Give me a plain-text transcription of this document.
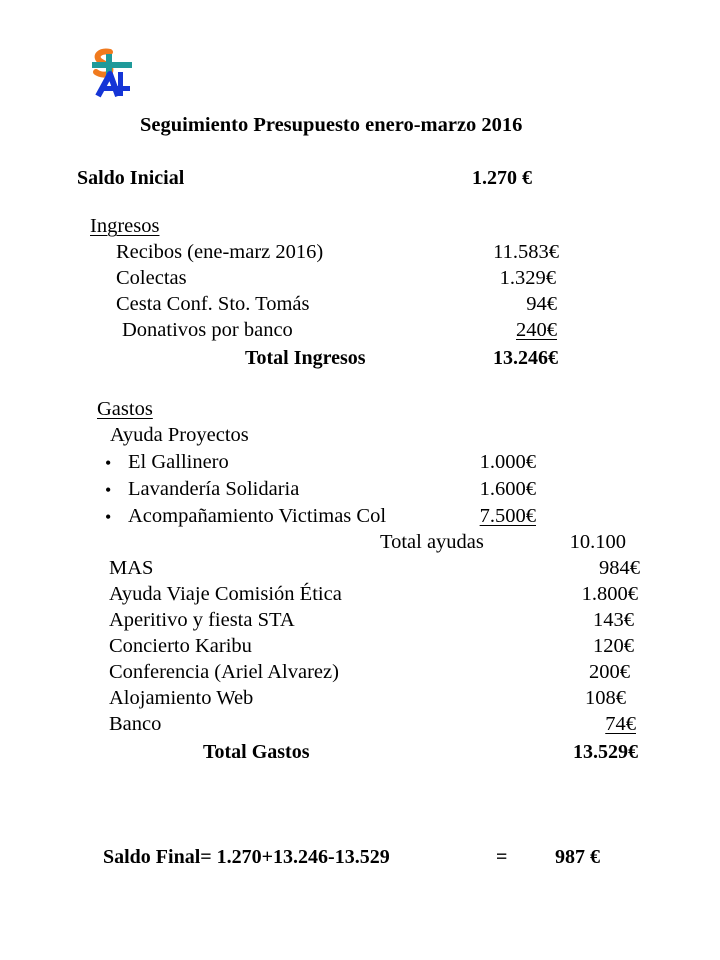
Seguimiento Presupuesto enero-marzo 2016
Saldo Inicial	1.270 €
Ingresos
Recibos (ene-marz 2016)	11.583€
Colectas	1.329€
Cesta Conf. Sto. Tomás	94€
Donativos por banco	240€
Total Ingresos	13.246€
Gastos
Ayuda Proyectos
• El Gallinero	1.000€
• Lavandería Solidaria	1.600€
• Acompañamiento Victimas Col	7.500€
Total ayudas	10.100
MAS	984€
Ayuda Viaje Comisión Ética	1.800€
Aperitivo y fiesta STA	143€
Concierto Karibu	120€
Conferencia (Ariel Alvarez)	200€
Alojamiento Web	108€
Banco	74€
Total Gastos	13.529€
Saldo Final= 1.270+13.246-13.529	= 987 €
